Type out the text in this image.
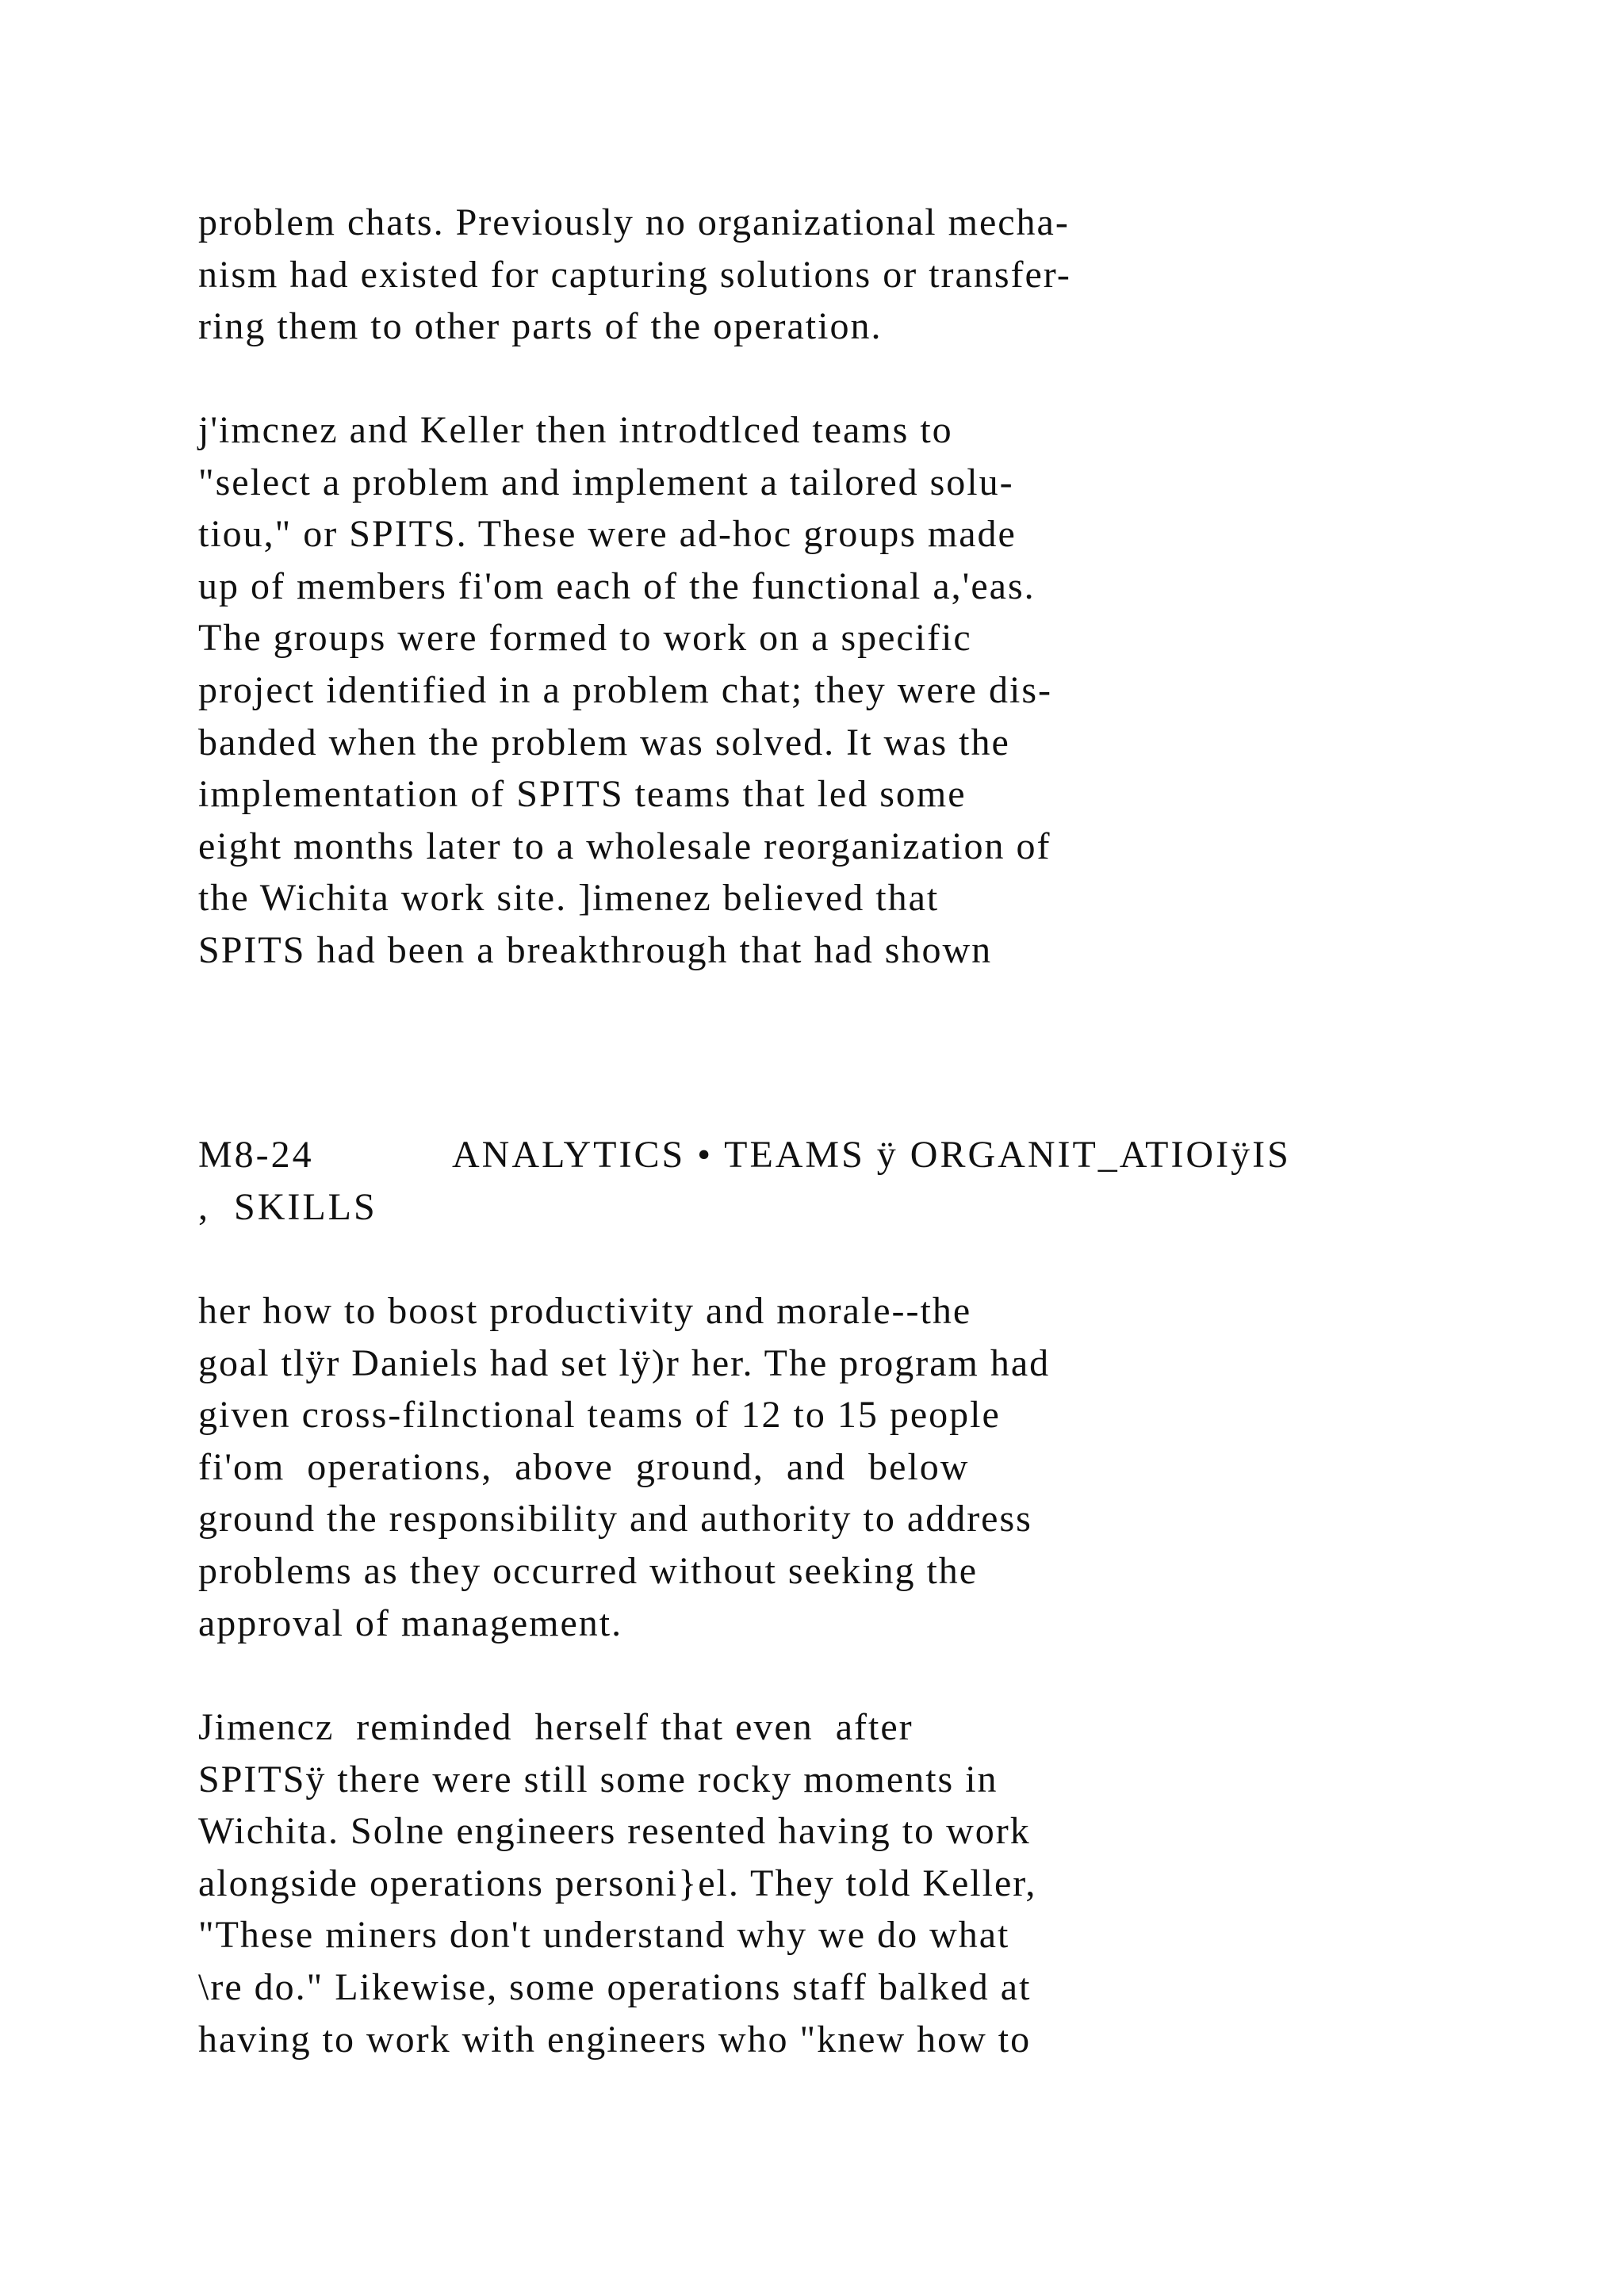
problem chats. Previously no organizational mecha-
nism had existed for capturing solutions or transfer-
ring them to other parts of the operation.
j'imcnez and Keller then introdtlced teams to
"select a problem and implement a tailored solu-
tiou," or SPITS. These were ad-hoc groups made
up of members fi'om each of the functional a,'eas.
The groups were formed to work on a specific
project identified in a problem chat; they were dis-
banded when the problem was solved. It was the
implementation of SPITS teams that led some
eight months later to a wholesale reorganization of
the Wichita work site. ]imenez believed that
SPITS had been a breakthrough that had shown
M8-24	ANALYTICS • TEAMS ÿ ORGANIT_ATIOIÿIS
,  SKILLS
her how to boost productivity and morale--the
goal tlÿr Daniels had set lÿ)r her. The program had
given cross-filnctional teams of 12 to 15 people
fi'om  operations,  above  ground,  and  below
ground the responsibility and authority to address
problems as they occurred without seeking the
approval of management.
Jimencz  reminded  herself that even  after
SPITSÿ there were still some rocky moments in
Wichita. Solne engineers resented having to work
alongside operations personi}el. They told Keller,
"These miners don't understand why we do what
\re do." Likewise, some operations staff balked at
having to work with engineers who "knew how to
